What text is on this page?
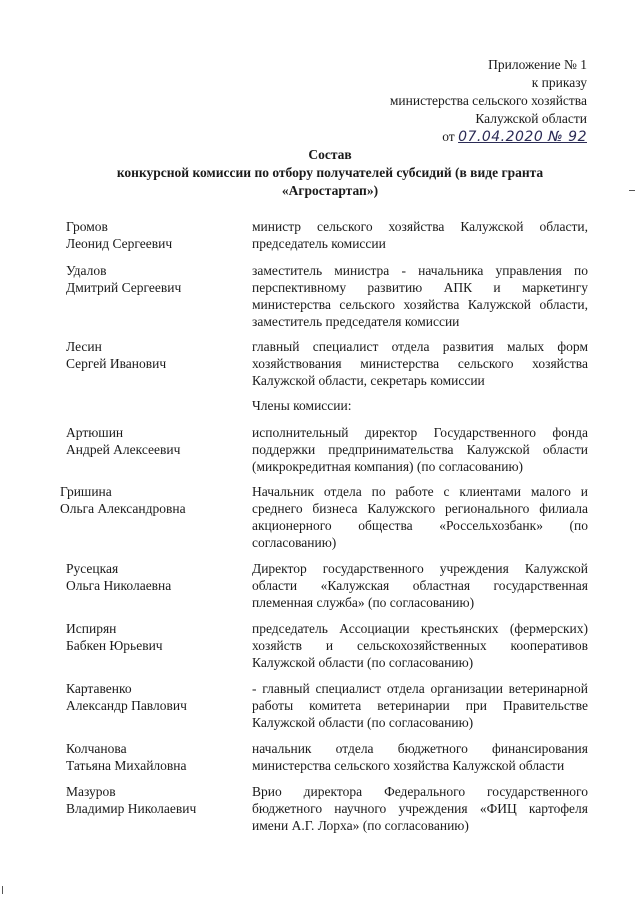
Приложение № 1
к приказу
министерства сельского хозяйства
Калужской области
от 07.04.2020 № 92
Состав
конкурсной комиссии по отбору получателей субсидий (в виде гранта
«Агростартап»)
Громов
Леонид Сергеевич
министр сельского хозяйства Калужской области, председатель комиссии
Удалов
Дмитрий Сергеевич
заместитель министра - начальника управления по перспективному развитию АПК и маркетингу министерства сельского хозяйства Калужской области, заместитель председателя комиссии
Лесин
Сергей Иванович
главный специалист отдела развития малых форм хозяйствования министерства сельского хозяйства Калужской области, секретарь комиссии
Члены комиссии:
Артюшин
Андрей Алексеевич
исполнительный директор Государственного фонда поддержки предпринимательства Калужской области (микрокредитная компания) (по согласованию)
Гришина
Ольга Александровна
Начальник отдела по работе с клиентами малого и среднего бизнеса Калужского регионального филиала акционерного общества «Россельхозбанк» (по согласованию)
Русецкая
Ольга Николаевна
Директор государственного учреждения Калужской области «Калужская областная государственная племенная служба» (по согласованию)
Испирян
Бабкен Юрьевич
председатель Ассоциации крестьянских (фермерских) хозяйств и сельскохозяйственных кооперативов Калужской области (по согласованию)
Картавенко
Александр Павлович
- главный специалист отдела организации ветеринарной работы комитета ветеринарии при Правительстве Калужской области (по согласованию)
Колчанова
Татьяна Михайловна
начальник отдела бюджетного финансирования министерства сельского хозяйства Калужской области
Мазуров
Владимир Николаевич
Врио директора Федерального государственного бюджетного научного учреждения «ФИЦ картофеля имени А.Г. Лорха» (по согласованию)
